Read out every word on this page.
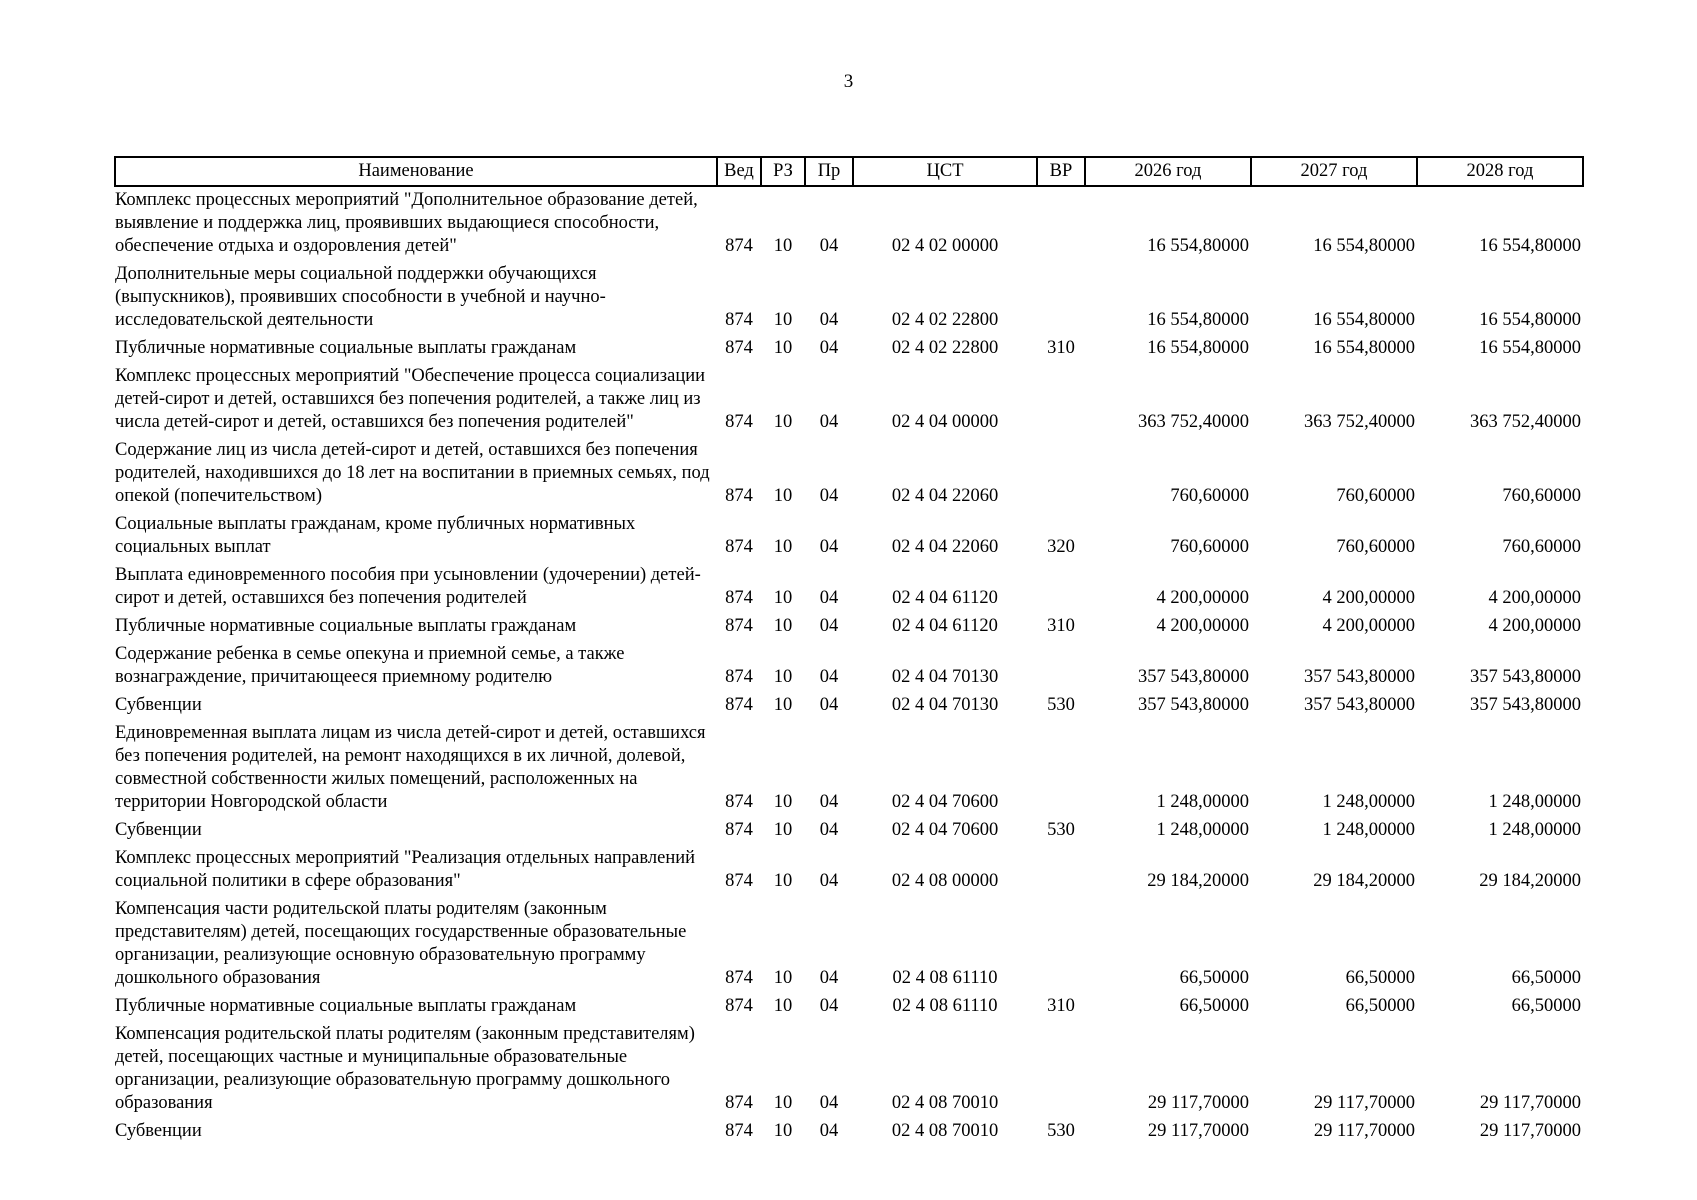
3
Наименование	Вед	РЗ	Пр	ЦСТ	ВР	2026 год	2027 год	2028 год
Комплекс процессных мероприятий "Дополнительное образование детей, выявление и поддержка лиц, проявивших выдающиеся способности, обеспечение отдыха и оздоровления детей"	874	10	04	02 4 02 00000		16 554,80000	16 554,80000	16 554,80000
Дополнительные меры социальной поддержки обучающихся (выпускников), проявивших способности в учебной и научно-исследовательской деятельности	874	10	04	02 4 02 22800		16 554,80000	16 554,80000	16 554,80000
Публичные нормативные социальные выплаты гражданам	874	10	04	02 4 02 22800	310	16 554,80000	16 554,80000	16 554,80000
Комплекс процессных мероприятий "Обеспечение процесса социализации детей-сирот и детей, оставшихся без попечения родителей, а также лиц из числа детей-сирот и детей, оставшихся без попечения родителей"	874	10	04	02 4 04 00000		363 752,40000	363 752,40000	363 752,40000
Содержание лиц из числа детей-сирот и детей, оставшихся без попечения родителей, находившихся до 18 лет на воспитании в приемных семьях, под опекой (попечительством)	874	10	04	02 4 04 22060		760,60000	760,60000	760,60000
Социальные выплаты гражданам, кроме публичных нормативных социальных выплат	874	10	04	02 4 04 22060	320	760,60000	760,60000	760,60000
Выплата единовременного пособия при усыновлении (удочерении) детей-сирот и детей, оставшихся без попечения родителей	874	10	04	02 4 04 61120		4 200,00000	4 200,00000	4 200,00000
Публичные нормативные социальные выплаты гражданам	874	10	04	02 4 04 61120	310	4 200,00000	4 200,00000	4 200,00000
Содержание ребенка в семье опекуна и приемной семье, а также вознаграждение, причитающееся приемному родителю	874	10	04	02 4 04 70130		357 543,80000	357 543,80000	357 543,80000
Субвенции	874	10	04	02 4 04 70130	530	357 543,80000	357 543,80000	357 543,80000
Единовременная выплата лицам из числа детей-сирот и детей, оставшихся без попечения родителей, на ремонт находящихся в их личной, долевой, совместной собственности жилых помещений, расположенных на территории Новгородской области	874	10	04	02 4 04 70600		1 248,00000	1 248,00000	1 248,00000
Субвенции	874	10	04	02 4 04 70600	530	1 248,00000	1 248,00000	1 248,00000
Комплекс процессных мероприятий "Реализация отдельных направлений социальной политики в сфере образования"	874	10	04	02 4 08 00000		29 184,20000	29 184,20000	29 184,20000
Компенсация части родительской платы родителям (законным представителям) детей, посещающих государственные образовательные организации, реализующие основную образовательную программу дошкольного образования	874	10	04	02 4 08 61110		66,50000	66,50000	66,50000
Публичные нормативные социальные выплаты гражданам	874	10	04	02 4 08 61110	310	66,50000	66,50000	66,50000
Компенсация родительской платы родителям (законным представителям) детей, посещающих частные и муниципальные образовательные организации, реализующие образовательную программу дошкольного образования	874	10	04	02 4 08 70010		29 117,70000	29 117,70000	29 117,70000
Субвенции	874	10	04	02 4 08 70010	530	29 117,70000	29 117,70000	29 117,70000
